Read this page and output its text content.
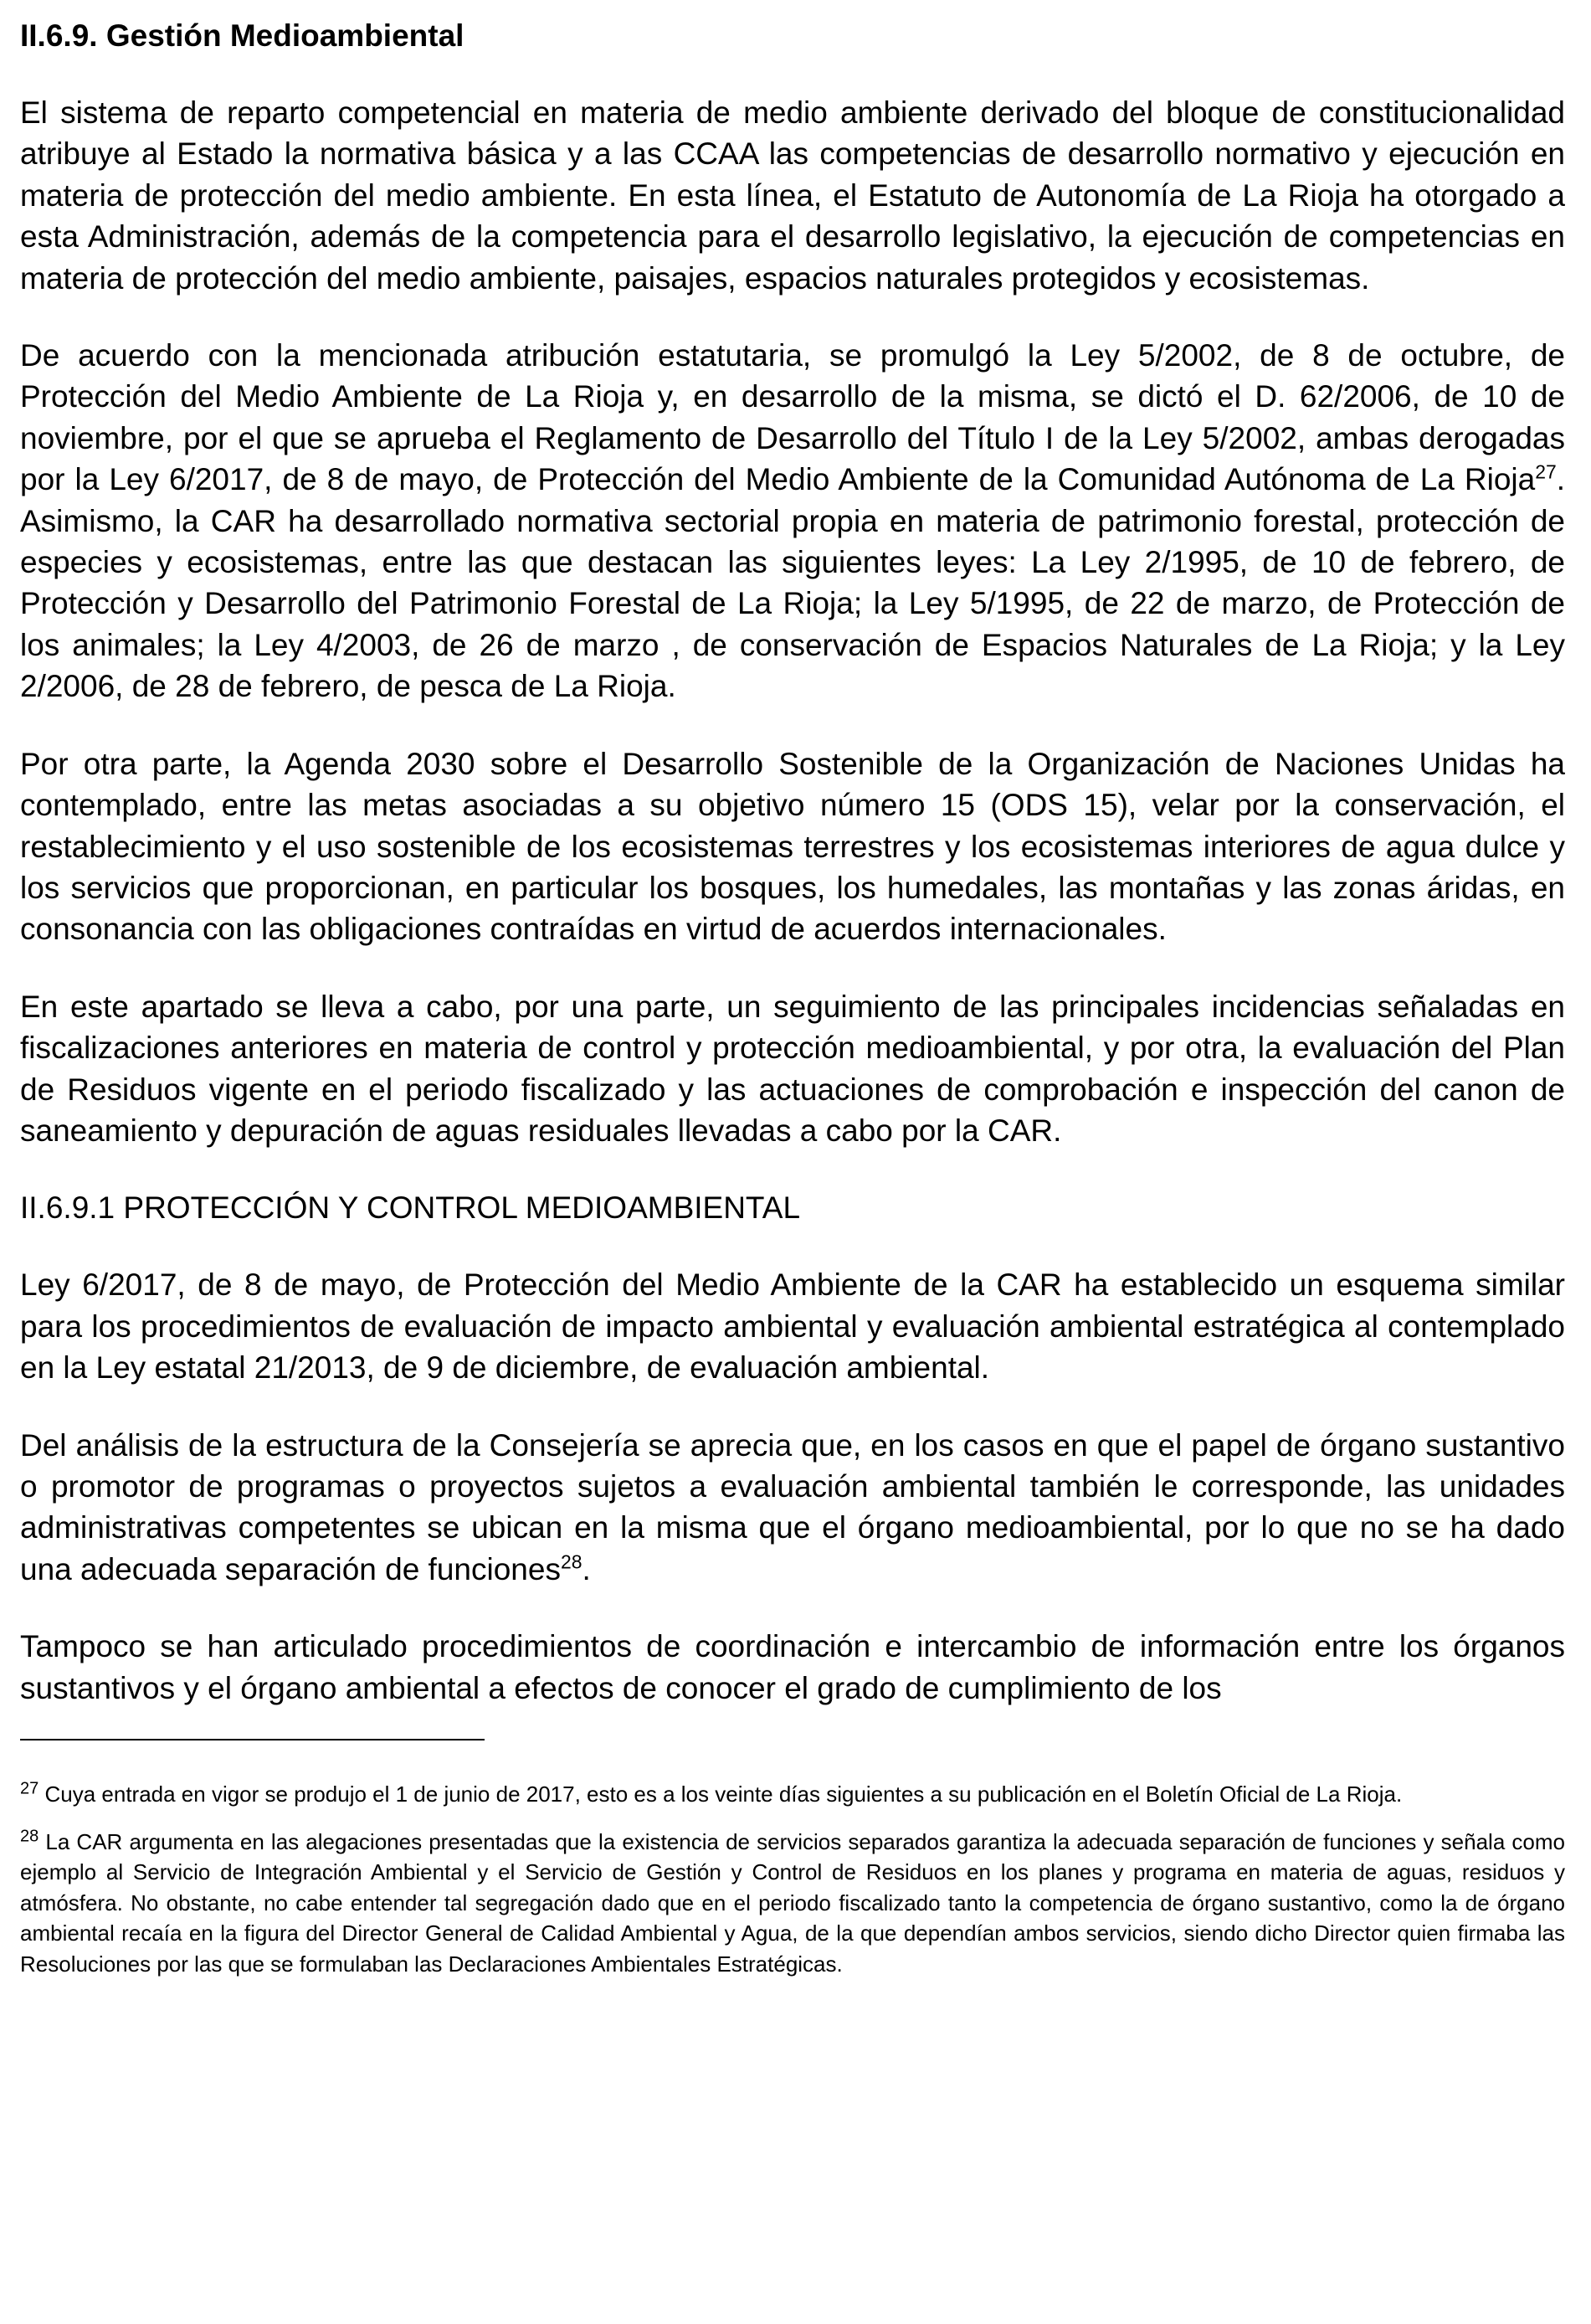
II.6.9. Gestión Medioambiental

El sistema de reparto competencial en materia de medio ambiente derivado del bloque de constitucionalidad atribuye al Estado la normativa básica y a las CCAA las competencias de desarrollo normativo y ejecución en materia de protección del medio ambiente. En esta línea, el Estatuto de Autonomía de La Rioja ha otorgado a esta Administración, además de la competencia para el desarrollo legislativo, la ejecución de competencias en materia de protección del medio ambiente, paisajes, espacios naturales protegidos y ecosistemas.

De acuerdo con la mencionada atribución estatutaria, se promulgó la Ley 5/2002, de 8 de octubre, de Protección del Medio Ambiente de La Rioja y, en desarrollo de la misma, se dictó el D. 62/2006, de 10 de noviembre, por el que se aprueba el Reglamento de Desarrollo del Título I de la Ley 5/2002, ambas derogadas por la Ley 6/2017, de 8 de mayo, de Protección del Medio Ambiente de la Comunidad Autónoma de La Rioja$^{27}$. Asimismo, la CAR ha desarrollado normativa sectorial propia en materia de patrimonio forestal, protección de especies y ecosistemas, entre las que destacan las siguientes leyes: La Ley 2/1995, de 10 de febrero, de Protección y Desarrollo del Patrimonio Forestal de La Rioja; la Ley 5/1995, de 22 de marzo, de Protección de los animales; la Ley 4/2003, de 26 de marzo , de conservación de Espacios Naturales de La Rioja; y la Ley 2/2006, de 28 de febrero, de pesca de La Rioja.

Por otra parte, la Agenda 2030 sobre el Desarrollo Sostenible de la Organización de Naciones Unidas ha contemplado, entre las metas asociadas a su objetivo número 15 (ODS 15), velar por la conservación, el restablecimiento y el uso sostenible de los ecosistemas terrestres y los ecosistemas interiores de agua dulce y los servicios que proporcionan, en particular los bosques, los humedales, las montañas y las zonas áridas, en consonancia con las obligaciones contraídas en virtud de acuerdos internacionales.

En este apartado se lleva a cabo, por una parte, un seguimiento de las principales incidencias señaladas en fiscalizaciones anteriores en materia de control y protección medioambiental, y por otra, la evaluación del Plan de Residuos vigente en el periodo fiscalizado y las actuaciones de comprobación e inspección del canon de saneamiento y depuración de aguas residuales llevadas a cabo por la CAR.

II.6.9.1 PROTECCIÓN Y CONTROL MEDIOAMBIENTAL

Ley 6/2017, de 8 de mayo, de Protección del Medio Ambiente de la CAR ha establecido un esquema similar para los procedimientos de evaluación de impacto ambiental y evaluación ambiental estratégica al contemplado en la Ley estatal 21/2013, de 9 de diciembre, de evaluación ambiental.

Del análisis de la estructura de la Consejería se aprecia que, en los casos en que el papel de órgano sustantivo o promotor de programas o proyectos sujetos a evaluación ambiental también le corresponde, las unidades administrativas competentes se ubican en la misma que el órgano medioambiental, por lo que no se ha dado una adecuada separación de funciones$^{28}$.

Tampoco se han articulado procedimientos de coordinación e intercambio de información entre los órganos sustantivos y el órgano ambiental a efectos de conocer el grado de cumplimiento de los

$^{27}$ Cuya entrada en vigor se produjo el 1 de junio de 2017, esto es a los veinte días siguientes a su publicación en el Boletín Oficial de La Rioja.

$^{28}$ La CAR argumenta en las alegaciones presentadas que la existencia de servicios separados garantiza la adecuada separación de funciones y señala como ejemplo al Servicio de Integración Ambiental y el Servicio de Gestión y Control de Residuos en los planes y programa en materia de aguas, residuos y atmósfera. No obstante, no cabe entender tal segregación dado que en el periodo fiscalizado tanto la competencia de órgano sustantivo, como la de órgano ambiental recaía en la figura del Director General de Calidad Ambiental y Agua, de la que dependían ambos servicios, siendo dicho Director quien firmaba las Resoluciones por las que se formulaban las Declaraciones Ambientales Estratégicas.
